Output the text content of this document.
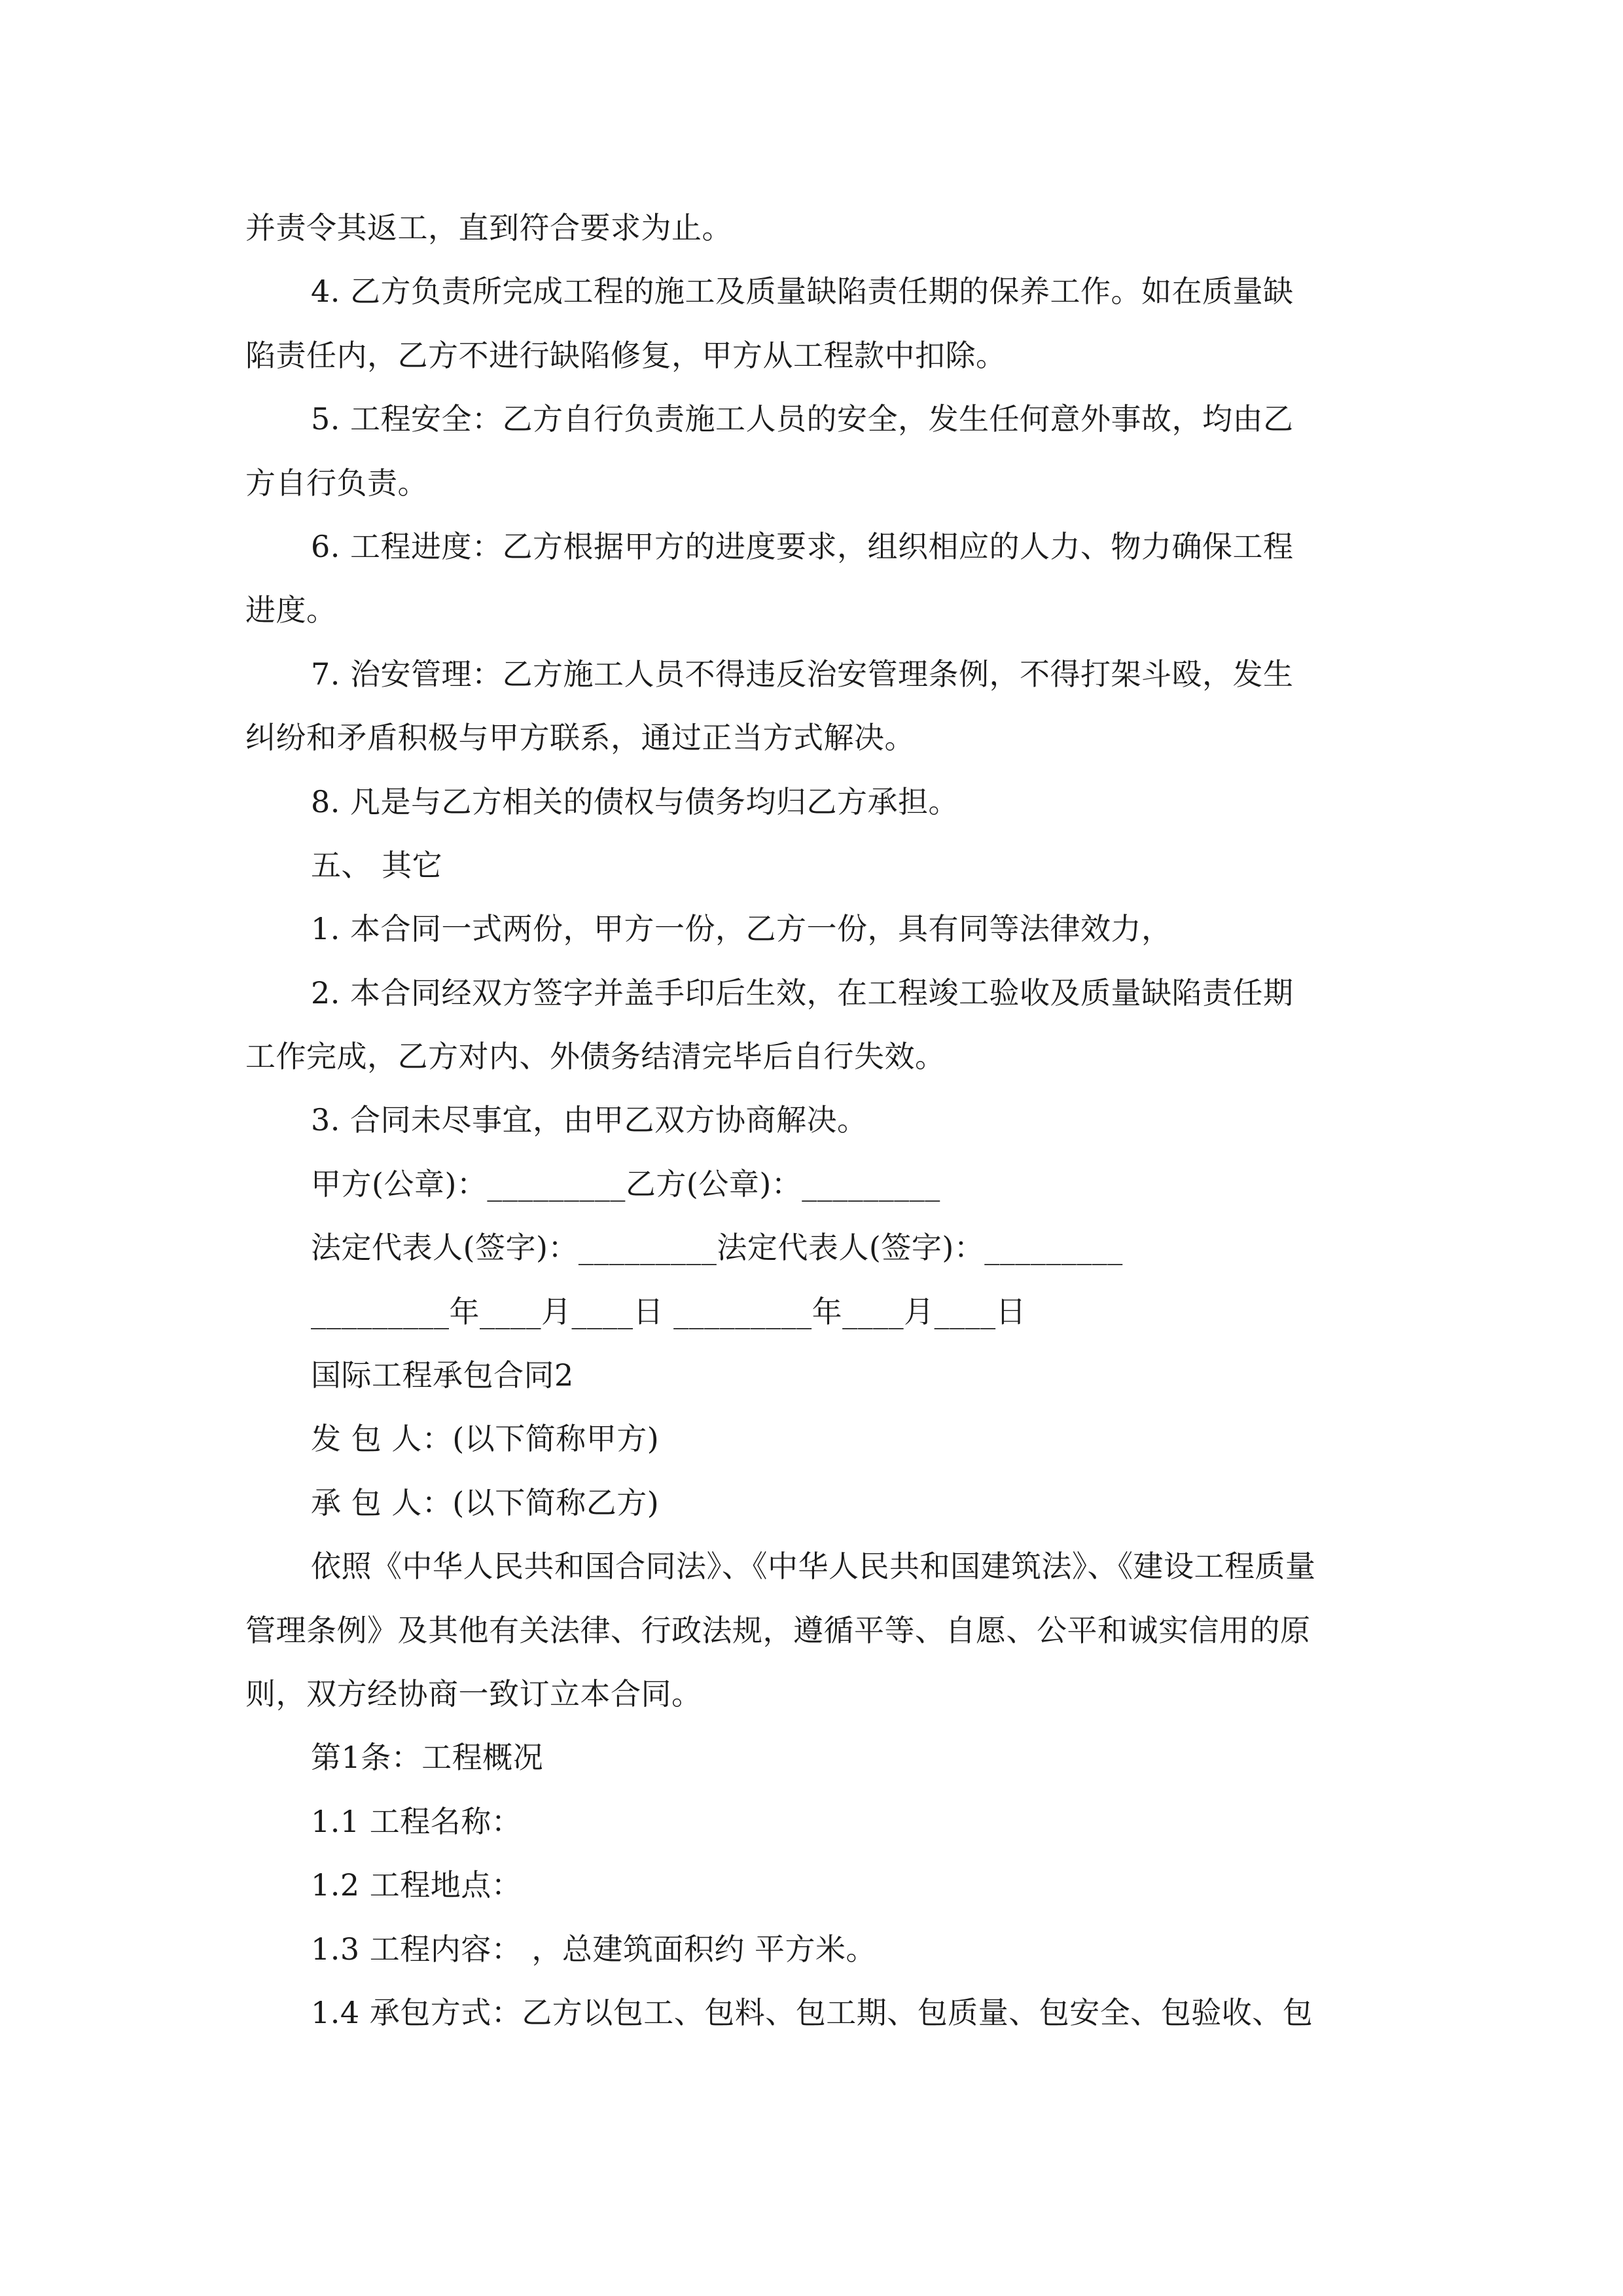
并责令其返工，直到符合要求为止。
4. 乙方负责所完成工程的施工及质量缺陷责任期的保养工作。如在质量缺
陷责任内，乙方不进行缺陷修复，甲方从工程款中扣除。
5. 工程安全：乙方自行负责施工人员的安全，发生任何意外事故，均由乙
方自行负责。
6. 工程进度：乙方根据甲方的进度要求，组织相应的人力、物力确保工程
进度。
7. 治安管理：乙方施工人员不得违反治安管理条例，不得打架斗殴，发生
纠纷和矛盾积极与甲方联系，通过正当方式解决。
8. 凡是与乙方相关的债权与债务均归乙方承担。
五、 其它
1. 本合同一式两份，甲方一份，乙方一份，具有同等法律效力，
2. 本合同经双方签字并盖手印后生效，在工程竣工验收及质量缺陷责任期
工作完成，乙方对内、外债务结清完毕后自行失效。
3. 合同未尽事宜，由甲乙双方协商解决。
甲方(公章)：_________乙方(公章)：_________
法定代表人(签字)：_________法定代表人(签字)：_________
_________年____月____日 _________年____月____日
国际工程承包合同2
发 包 人：(以下简称甲方)
承 包 人：(以下简称乙方)
依照《中华人民共和国合同法》、《中华人民共和国建筑法》、《建设工程质量
管理条例》及其他有关法律、行政法规，遵循平等、自愿、公平和诚实信用的原
则，双方经协商一致订立本合同。
第1条：工程概况
1.1 工程名称：
1.2 工程地点：
1.3 工程内容： ，总建筑面积约 平方米。
1.4 承包方式：乙方以包工、包料、包工期、包质量、包安全、包验收、包
